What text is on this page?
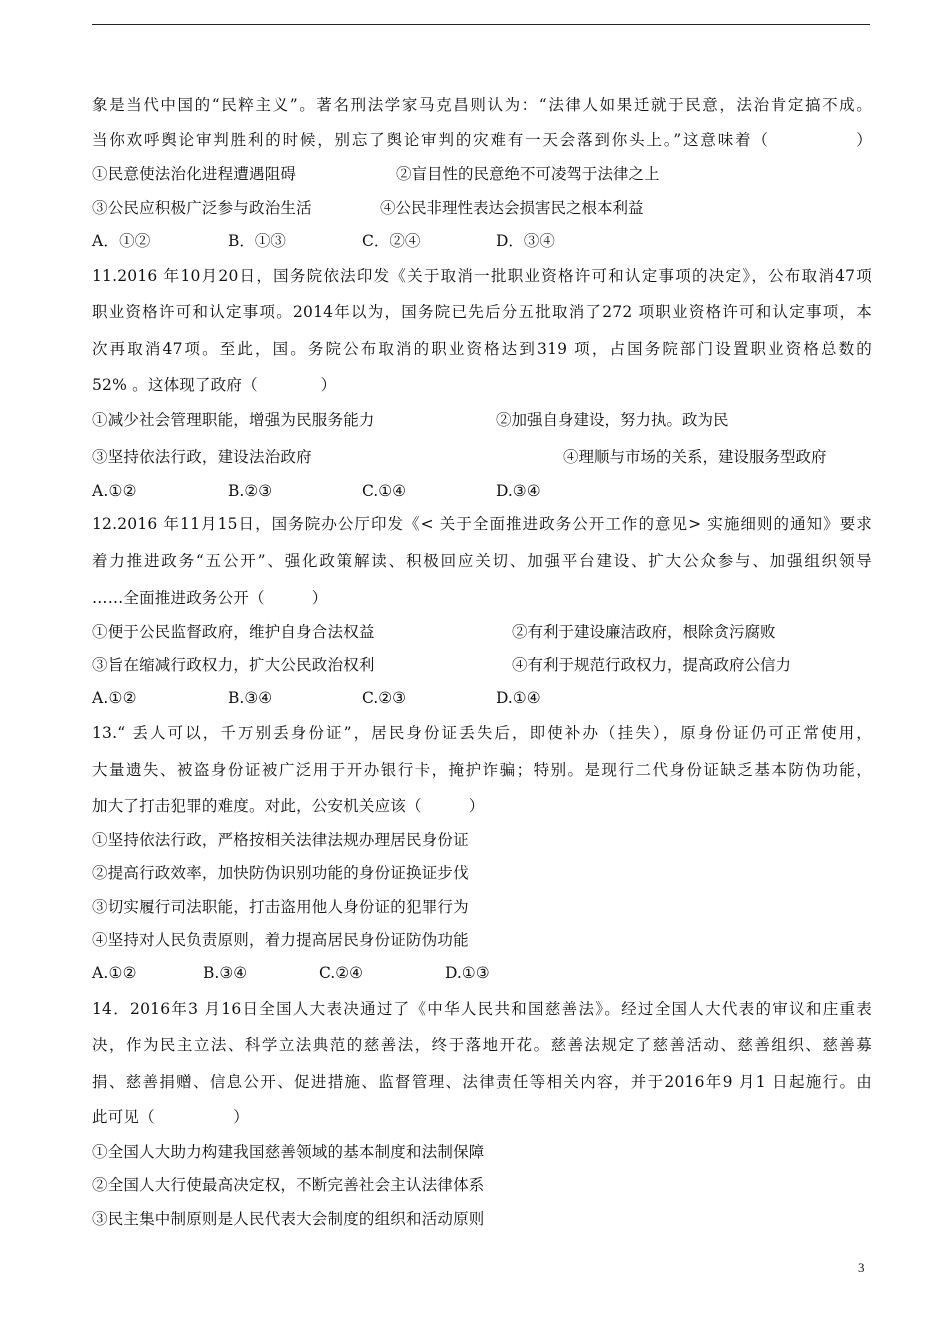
象是当代中国的“民粹主义”。著名刑法学家马克昌则认为：“法律人如果迁就于民意，法治肯定搞不成。
当你欢呼舆论审判胜利的时候，别忘了舆论审判的灾难有一天会落到你头上。”这意味着（　　　　　）
①民意使法治化进程遭遇阻碍	②盲目性的民意绝不可凌驾于法律之上
③公民应积极广泛参与政治生活	④公民非理性表达会损害民之根本利益
A．①②	B．①③	C．②④	D．③④
11.2016 年10月20日，国务院依法印发《关于取消一批职业资格许可和认定事项的决定》，公布取消47项
职业资格许可和认定事项。2014年以为，国务院已先后分五批取消了272 项职业资格许可和认定事项，本
次再取消47项。至此，国。务院公布取消的职业资格达到319 项，占国务院部门设置职业资格总数的
52% 。这体现了政府（　　　　）
①减少社会管理职能，增强为民服务能力	②加强自身建设，努力执。政为民
③坚持依法行政，建设法治政府	④理顺与市场的关系，建设服务型政府
A.①②	B.②③	C.①④	D.③④
12.2016 年11月15日，国务院办公厅印发《< 关于全面推进政务公开工作的意见> 实施细则的通知》要求
着力推进政务“五公开”、强化政策解读、积极回应关切、加强平台建设、扩大公众参与、加强组织领导
……全面推进政务公开（　　　）
①便于公民监督政府，维护自身合法权益	②有利于建设廉洁政府，根除贪污腐败
③旨在缩减行政权力，扩大公民政治权利	④有利于规范行政权力，提高政府公信力
A.①②	B.③④	C.②③	D.①④
13.“ 丢人可以，千万别丢身份证”，居民身份证丢失后，即使补办（挂失），原身份证仍可正常使用，
大量遗失、被盗身份证被广泛用于开办银行卡，掩护诈骗；特别。是现行二代身份证缺乏基本防伪功能，
加大了打击犯罪的难度。对此，公安机关应该（　　　）
①坚持依法行政，严格按相关法律法规办理居民身份证
②提高行政效率，加快防伪识别功能的身份证换证步伐
③切实履行司法职能，打击盗用他人身份证的犯罪行为
④坚持对人民负责原则，着力提高居民身份证防伪功能
A.①②	B.③④	C.②④	D.①③
14．2016年3 月16日全国人大表决通过了《中华人民共和国慈善法》。经过全国人大代表的审议和庄重表
决，作为民主立法、科学立法典范的慈善法，终于落地开花。慈善法规定了慈善活动、慈善组织、慈善募
捐、慈善捐赠、信息公开、促进措施、监督管理、法律责任等相关内容，并于2016年9 月1 日起施行。由
此可见（　　　　　）
①全国人大助力构建我国慈善领域的基本制度和法制保障
②全国人大行使最高决定权，不断完善社会主认法律体系
③民主集中制原则是人民代表大会制度的组织和活动原则
3
